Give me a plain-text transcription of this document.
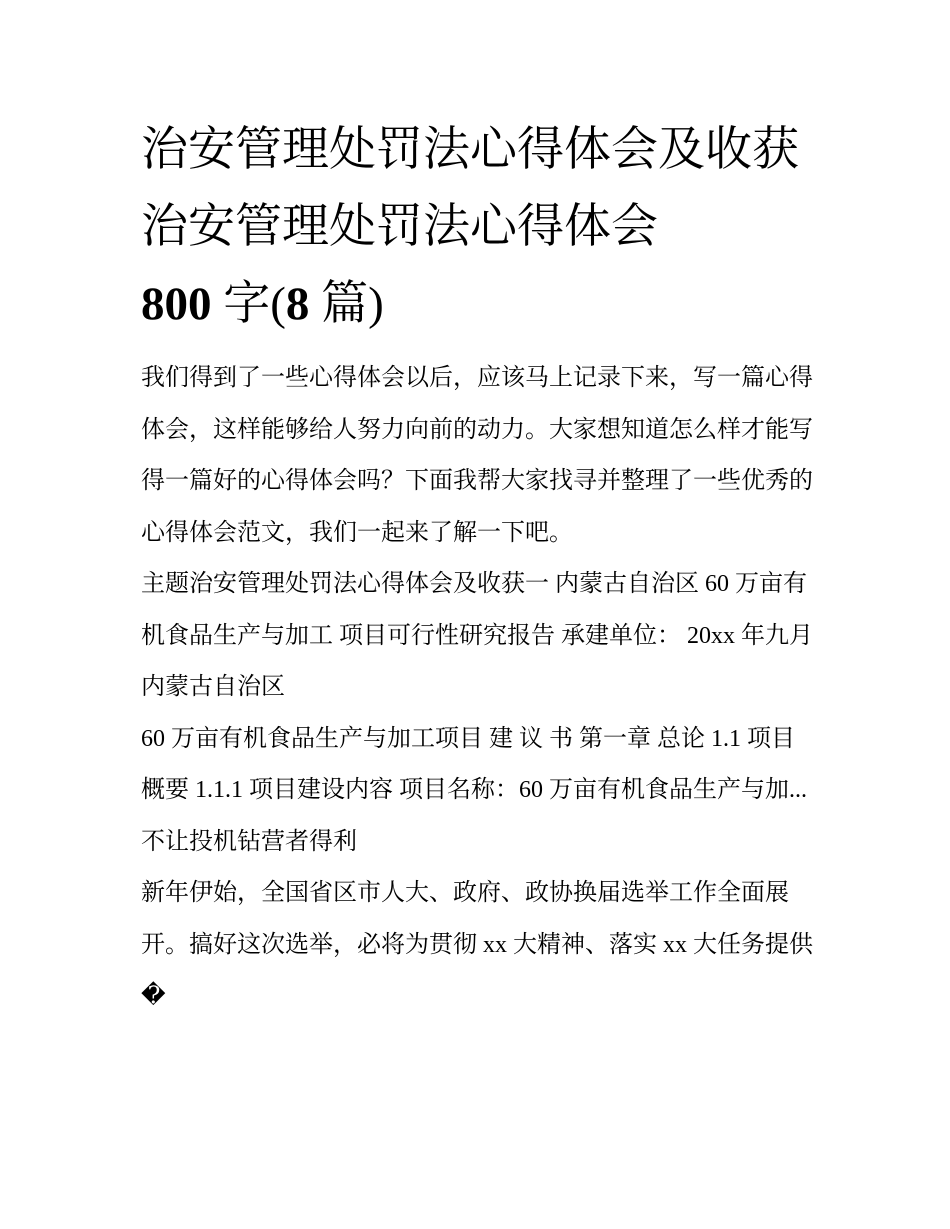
治安管理处罚法心得体会及收获 治安管理处罚法心得体会
800 字(8 篇)

我们得到了一些心得体会以后，应该马上记录下来，写一篇心得体会，这样能够给人努力向前的动力。大家想知道怎么样才能写得一篇好的心得体会吗？下面我帮大家找寻并整理了一些优秀的心得体会范文，我们一起来了解一下吧。

主题治安管理处罚法心得体会及收获一 内蒙古自治区 60 万亩有机食品生产与加工 项目可行性研究报告 承建单位： 20xx 年九月 内蒙古自治区

60 万亩有机食品生产与加工项目 建 议 书 第一章 总论 1.1 项目概要 1.1.1 项目建设内容 项目名称：60 万亩有机食品生产与加... 不让投机钻营者得利

新年伊始，全国省区市人大、政府、政协换届选举工作全面展开。搞好这次选举，必将为贯彻 xx 大精神、落实 xx 大任务提供�
